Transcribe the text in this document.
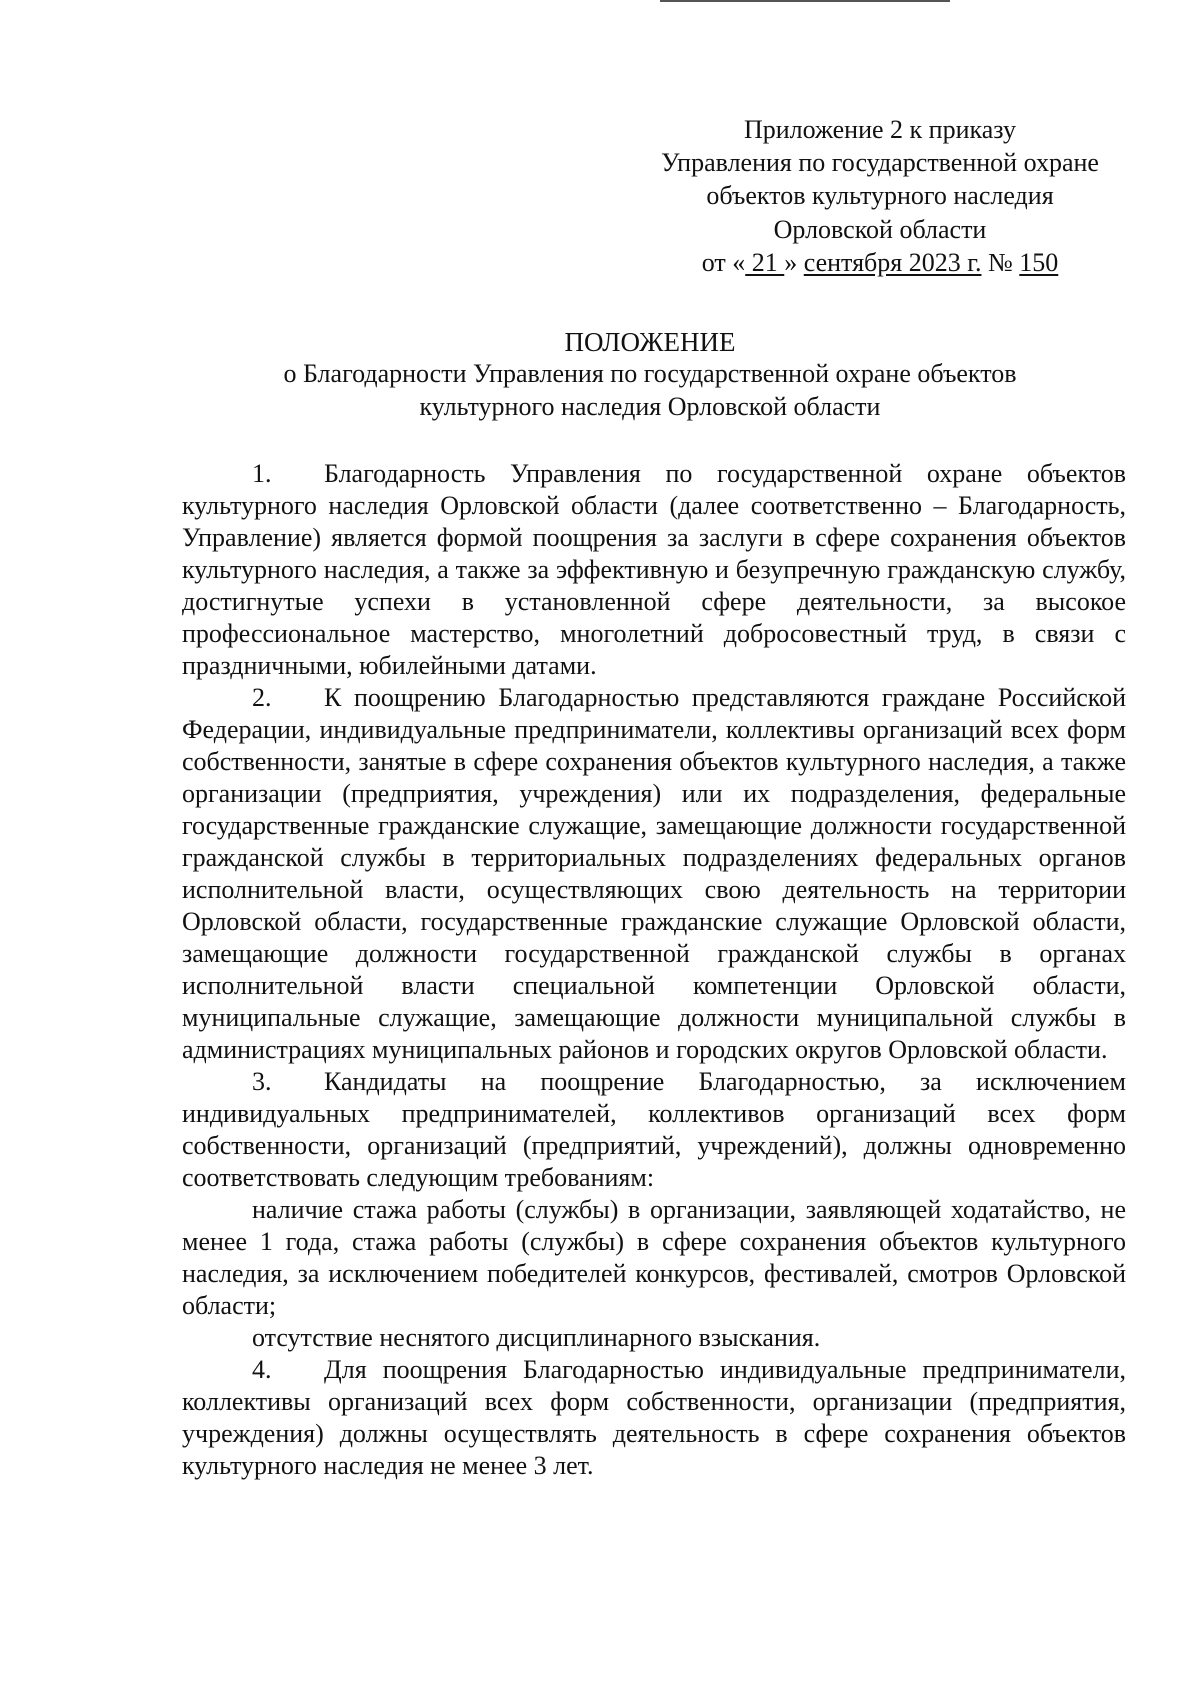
Приложение 2 к приказу
Управления по государственной охране
объектов культурного наследия
Орловской области
от « 21 » сентября 2023 г. № 150
ПОЛОЖЕНИЕ
о Благодарности Управления по государственной охране объектов
культурного наследия Орловской области

1. Благодарность Управления по государственной охране объектов культурного наследия Орловской области (далее соответственно – Благодарность, Управление) является формой поощрения за заслуги в сфере сохранения объектов культурного наследия, а также за эффективную и безупречную гражданскую службу, достигнутые успехи в установленной сфере деятельности, за высокое профессиональное мастерство, многолетний добросовестный труд, в связи с праздничными, юбилейными датами.

2. К поощрению Благодарностью представляются граждане Российской Федерации, индивидуальные предприниматели, коллективы организаций всех форм собственности, занятые в сфере сохранения объектов культурного наследия, а также организации (предприятия, учреждения) или их подразделения, федеральные государственные гражданские служащие, замещающие должности государственной гражданской службы в территориальных подразделениях федеральных органов исполнительной власти, осуществляющих свою деятельность на территории Орловской области, государственные гражданские служащие Орловской области, замещающие должности государственной гражданской службы в органах исполнительной власти специальной компетенции Орловской области, муниципальные служащие, замещающие должности муниципальной службы в администрациях муниципальных районов и городских округов Орловской области.

3. Кандидаты на поощрение Благодарностью, за исключением индивидуальных предпринимателей, коллективов организаций всех форм собственности, организаций (предприятий, учреждений), должны одновременно соответствовать следующим требованиям:

наличие стажа работы (службы) в организации, заявляющей ходатайство, не менее 1 года, стажа работы (службы) в сфере сохранения объектов культурного наследия, за исключением победителей конкурсов, фестивалей, смотров Орловской области;

отсутствие неснятого дисциплинарного взыскания.

4. Для поощрения Благодарностью индивидуальные предприниматели, коллективы организаций всех форм собственности, организации (предприятия, учреждения) должны осуществлять деятельность в сфере сохранения объектов культурного наследия не менее 3 лет.
